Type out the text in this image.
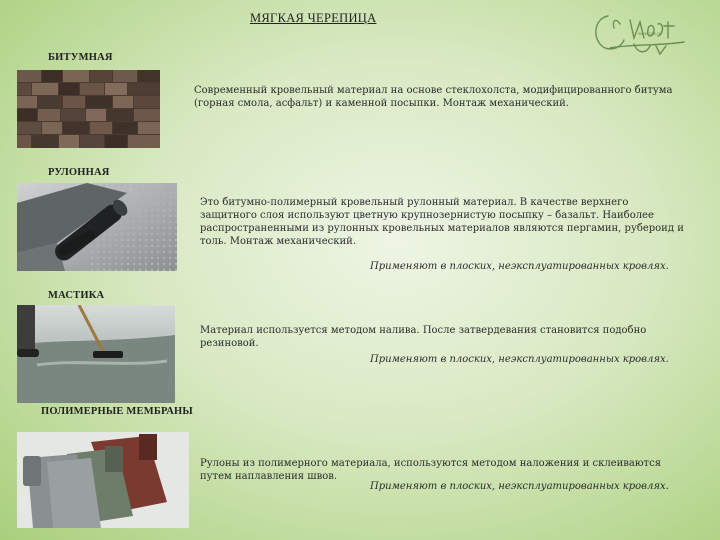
МЯГКАЯ ЧЕРЕПИЦА
www.site.ru
БИТУМНАЯ
Современный кровельный материал на основе стеклохолста, модифицированного битума (горная смола, асфальт) и каменной посыпки. Монтаж механический.
РУЛОННАЯ
Это битумно-полимерный кровельный рулонный материал. В качестве верхнего защитного слоя используют цветную крупнозернистую посыпку – базальт. Наиболее распространенными из рулонных кровельных материалов являются пергамин, рубероид и толь. Монтаж механический.
Применяют в плоских, неэксплуатированных кровлях.
МАСТИКА
Материал используется методом налива. После затвердевания становится подобно резиновой.
Применяют в плоских, неэксплуатированных кровлях.
ПОЛИМЕРНЫЕ МЕМБРАНЫ
Рулоны из полимерного материала, используются методом наложения и склеиваются путем наплавления швов.
Применяют в плоских, неэксплуатированных кровлях.
